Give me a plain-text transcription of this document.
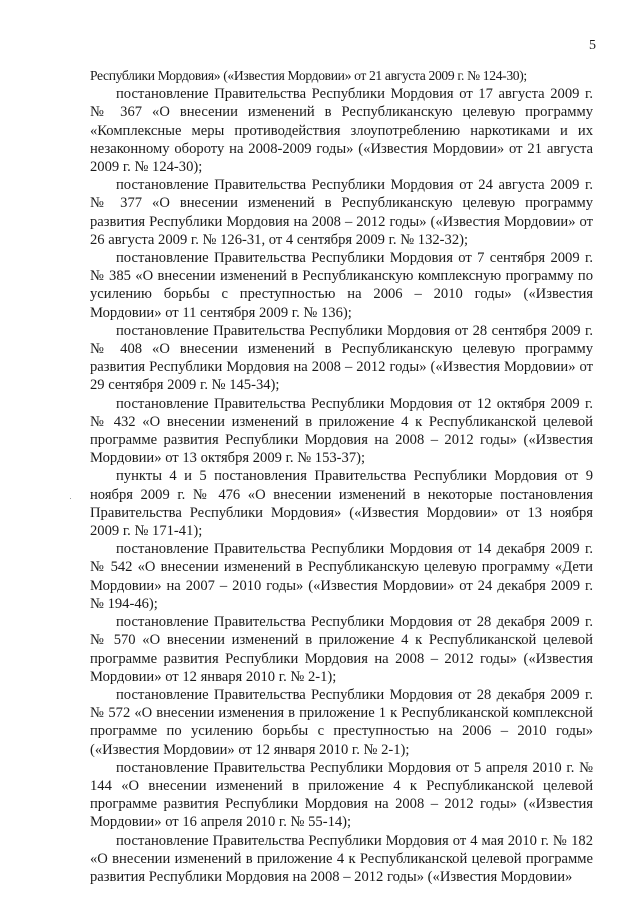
5

Республики Мордовия» («Известия Мордовии» от 21 августа 2009 г. № 124-30);

постановление Правительства Республики Мордовия от 17 августа 2009 г. № 367 «О внесении изменений в Республиканскую целевую программу «Комплексные меры противодействия злоупотреблению наркотиками и их незаконному обороту на 2008-2009 годы» («Известия Мордовии» от 21 августа 2009 г. № 124-30);

постановление Правительства Республики Мордовия от 24 августа 2009 г. № 377 «О внесении изменений в Республиканскую целевую программу развития Республики Мордовия на 2008 – 2012 годы» («Известия Мордовии» от 26 августа 2009 г. № 126-31, от 4 сентября 2009 г. № 132-32);

постановление Правительства Республики Мордовия от 7 сентября 2009 г. № 385 «О внесении изменений в Республиканскую комплексную программу по усилению борьбы с преступностью на 2006 – 2010 годы» («Известия Мордовии» от 11 сентября 2009 г. № 136);

постановление Правительства Республики Мордовия от 28 сентября 2009 г. № 408 «О внесении изменений в Республиканскую целевую программу развития Республики Мордовия на 2008 – 2012 годы» («Известия Мордовии» от 29 сентября 2009 г. № 145-34);

постановление Правительства Республики Мордовия от 12 октября 2009 г. № 432 «О внесении изменений в приложение 4 к Республиканской целевой программе развития Республики Мордовия на 2008 – 2012 годы» («Известия Мордовии» от 13 октября 2009 г. № 153-37);

пункты 4 и 5 постановления Правительства Республики Мордовия от 9 ноября 2009 г. № 476 «О внесении изменений в некоторые постановления Правительства Республики Мордовия» («Известия Мордовии» от 13 ноября 2009 г. № 171-41);

постановление Правительства Республики Мордовия от 14 декабря 2009 г. № 542 «О внесении изменений в Республиканскую целевую программу «Дети Мордовии» на 2007 – 2010 годы» («Известия Мордовии» от 24 декабря 2009 г. № 194-46);

постановление Правительства Республики Мордовия от 28 декабря 2009 г. № 570 «О внесении изменений в приложение 4 к Республиканской целевой программе развития Республики Мордовия на 2008 – 2012 годы» («Известия Мордовии» от 12 января 2010 г. № 2-1);

постановление Правительства Республики Мордовия от 28 декабря 2009 г. № 572 «О внесении изменения в приложение 1 к Республиканской комплексной программе по усилению борьбы с преступностью на 2006 – 2010 годы» («Известия Мордовии» от 12 января 2010 г. № 2-1);

постановление Правительства Республики Мордовия от 5 апреля 2010 г. № 144 «О внесении изменений в приложение 4 к Республиканской целевой программе развития Республики Мордовия на 2008 – 2012 годы» («Известия Мордовии» от 16 апреля 2010 г. № 55-14);

постановление Правительства Республики Мордовия от 4 мая 2010 г. № 182 «О внесении изменений в приложение 4 к Республиканской целевой программе развития Республики Мордовия на 2008 – 2012 годы» («Известия Мордовии»
